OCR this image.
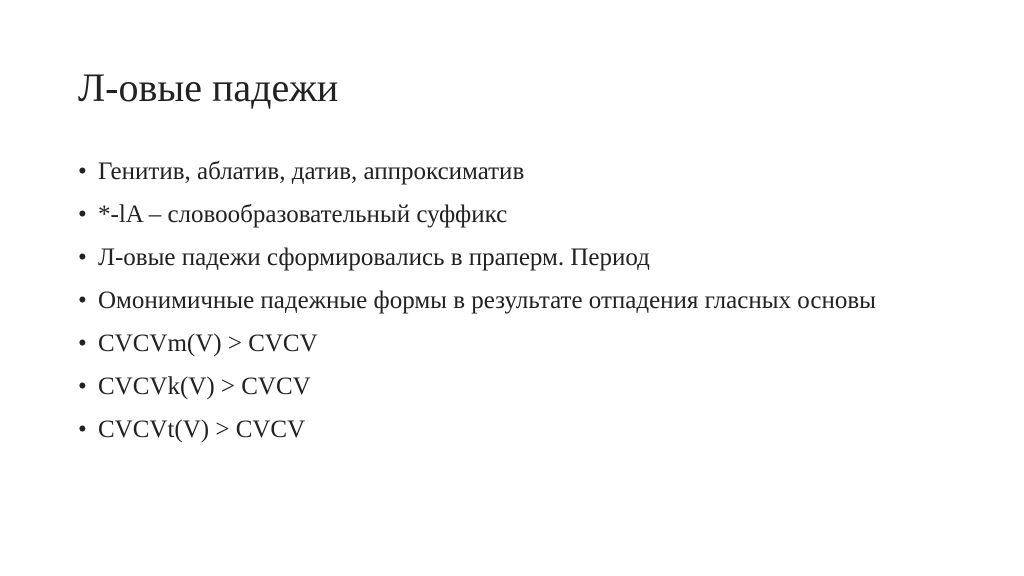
Л-овые падежи
• Генитив, аблатив, датив, аппроксиматив
• *-lA – словообразовательный суффикс
• Л-овые падежи сформировались в праперм. Период
• Омонимичные падежные формы в результате отпадения гласных основы
• CVCVm(V) > CVCV
• CVCVk(V) > CVCV
• CVCVt(V) > CVCV
